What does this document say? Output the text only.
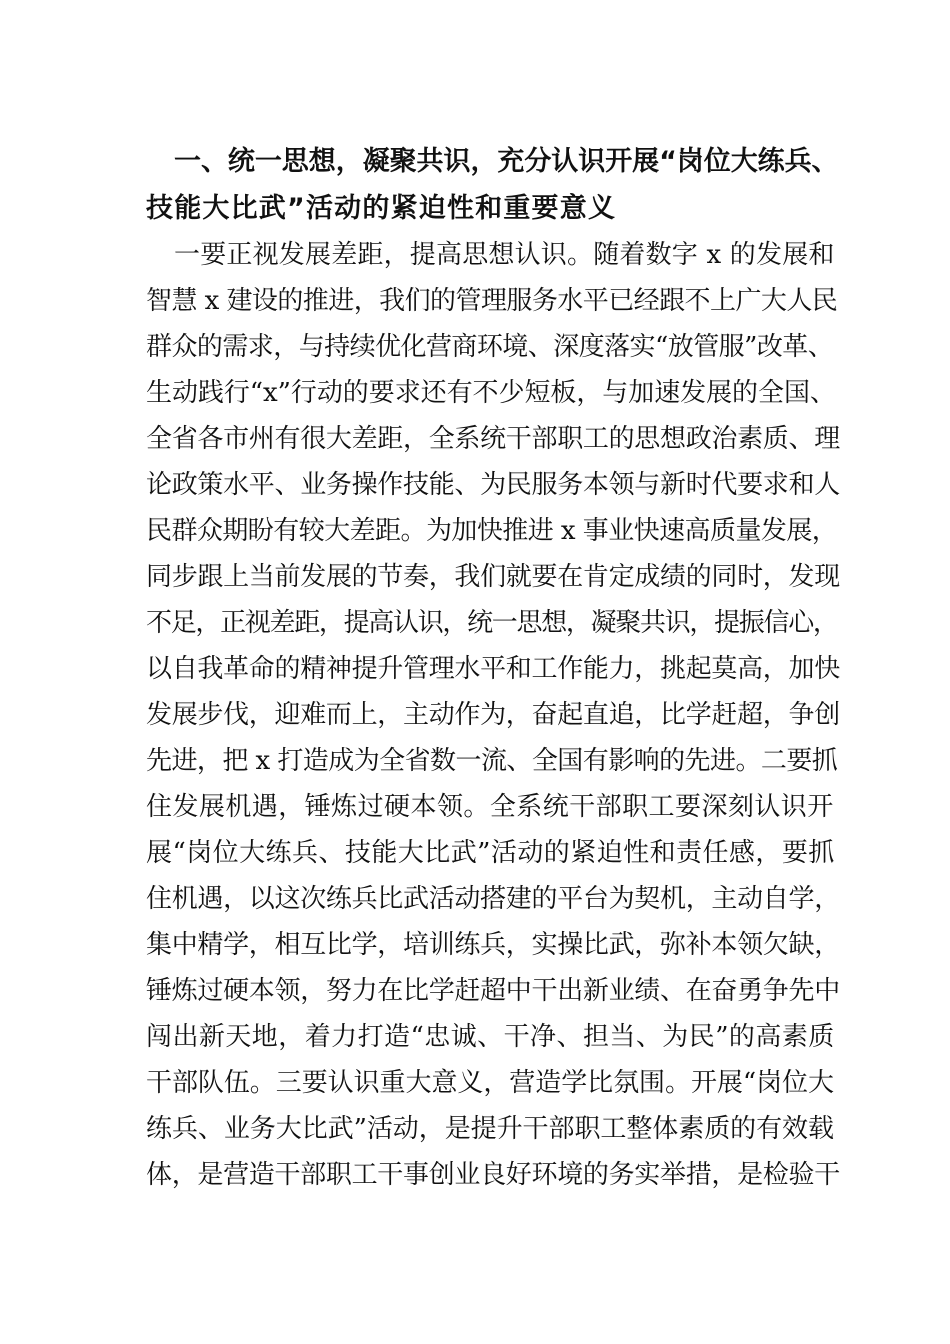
一、统一思想，凝聚共识，充分认识开展“岗位大练兵、
技能大比武”活动的紧迫性和重要意义
一要正视发展差距，提高思想认识。随着数字 x 的发展和
智慧 x 建设的推进，我们的管理服务水平已经跟不上广大人民
群众的需求，与持续优化营商环境、深度落实“放管服”改革、
生动践行“x”行动的要求还有不少短板，与加速发展的全国、
全省各市州有很大差距，全系统干部职工的思想政治素质、理
论政策水平、业务操作技能、为民服务本领与新时代要求和人
民群众期盼有较大差距。为加快推进 x 事业快速高质量发展，
同步跟上当前发展的节奏，我们就要在肯定成绩的同时，发现
不足，正视差距，提高认识，统一思想，凝聚共识，提振信心，
以自我革命的精神提升管理水平和工作能力，挑起莫高，加快
发展步伐，迎难而上，主动作为，奋起直追，比学赶超，争创
先进，把 x 打造成为全省数一流、全国有影响的先进。二要抓
住发展机遇，锤炼过硬本领。全系统干部职工要深刻认识开
展“岗位大练兵、技能大比武”活动的紧迫性和责任感，要抓
住机遇，以这次练兵比武活动搭建的平台为契机，主动自学，
集中精学，相互比学，培训练兵，实操比武，弥补本领欠缺，
锤炼过硬本领，努力在比学赶超中干出新业绩、在奋勇争先中
闯出新天地，着力打造“忠诚、干净、担当、为民”的高素质
干部队伍。三要认识重大意义，营造学比氛围。开展“岗位大
练兵、业务大比武”活动，是提升干部职工整体素质的有效载
体，是营造干部职工干事创业良好环境的务实举措，是检验干
